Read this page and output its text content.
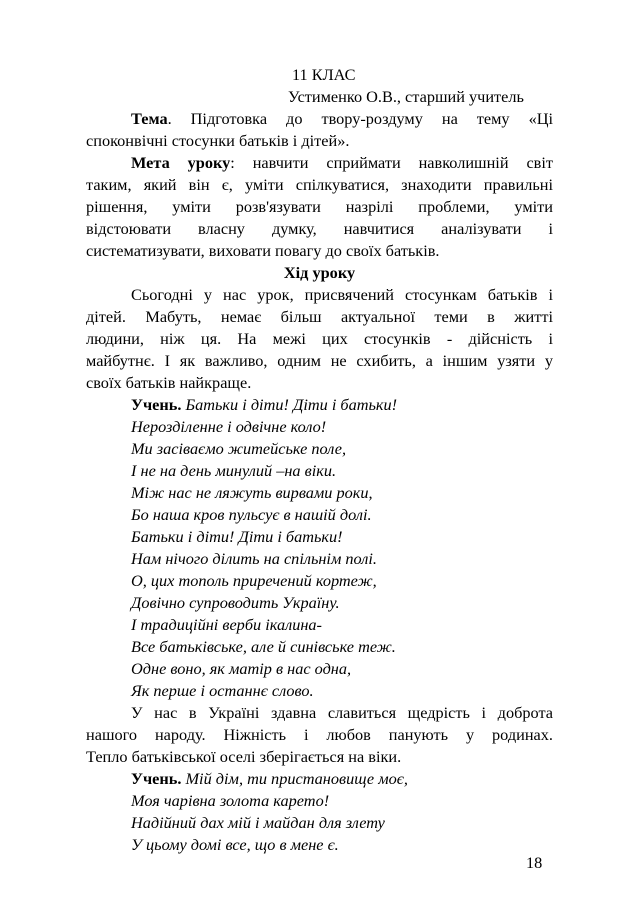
11 КЛАС
Устименко О.В., старший учитель
Тема. Підготовка до твору-роздуму на тему «Ці
споконвічні стосунки батьків і дітей».
Мета уроку: навчити сприймати навколишній світ
таким, який він є, уміти спілкуватися, знаходити правильні
рішення, уміти розв'язувати назрілі проблеми, уміти
відстоювати власну думку, навчитися аналізувати і
систематизувати, виховати повагу до своїх батьків.
Хід уроку
Сьогодні у нас урок, присвячений стосункам батьків і
дітей. Мабуть, немає більш актуальної теми в житті
людини, ніж ця. На межі цих стосунків - дійсність і
майбутнє. І як важливо, одним не схибить, а іншим узяти у
своїх батьків найкраще.
Учень. Батьки і діти! Діти і батьки!
Нерозділенне і одвічне коло!
Ми засіваємо житейське поле,
І не на день минулий –на віки.
Між нас не ляжуть вирвами роки,
Бо наша кров пульсує в нашій долі.
Батьки і діти! Діти і батьки!
Нам нічого ділить на спільнім полі.
О, цих тополь приречений кортеж,
Довічно супроводить Україну.
І традиційні верби ікалина-
Все батьківське, але й синівське теж.
Одне воно, як матір в нас одна,
Як перше і останнє слово.
У нас в Україні здавна славиться щедрість і доброта
нашого народу. Ніжність і любов панують у родинах.
Тепло батьківської оселі зберігається на віки.
Учень. Мій дім, ти пристановище моє,
Моя чарівна золота карето!
Надійний дах мій і майдан для злету
У цьому домі все, що в мене є.
18
